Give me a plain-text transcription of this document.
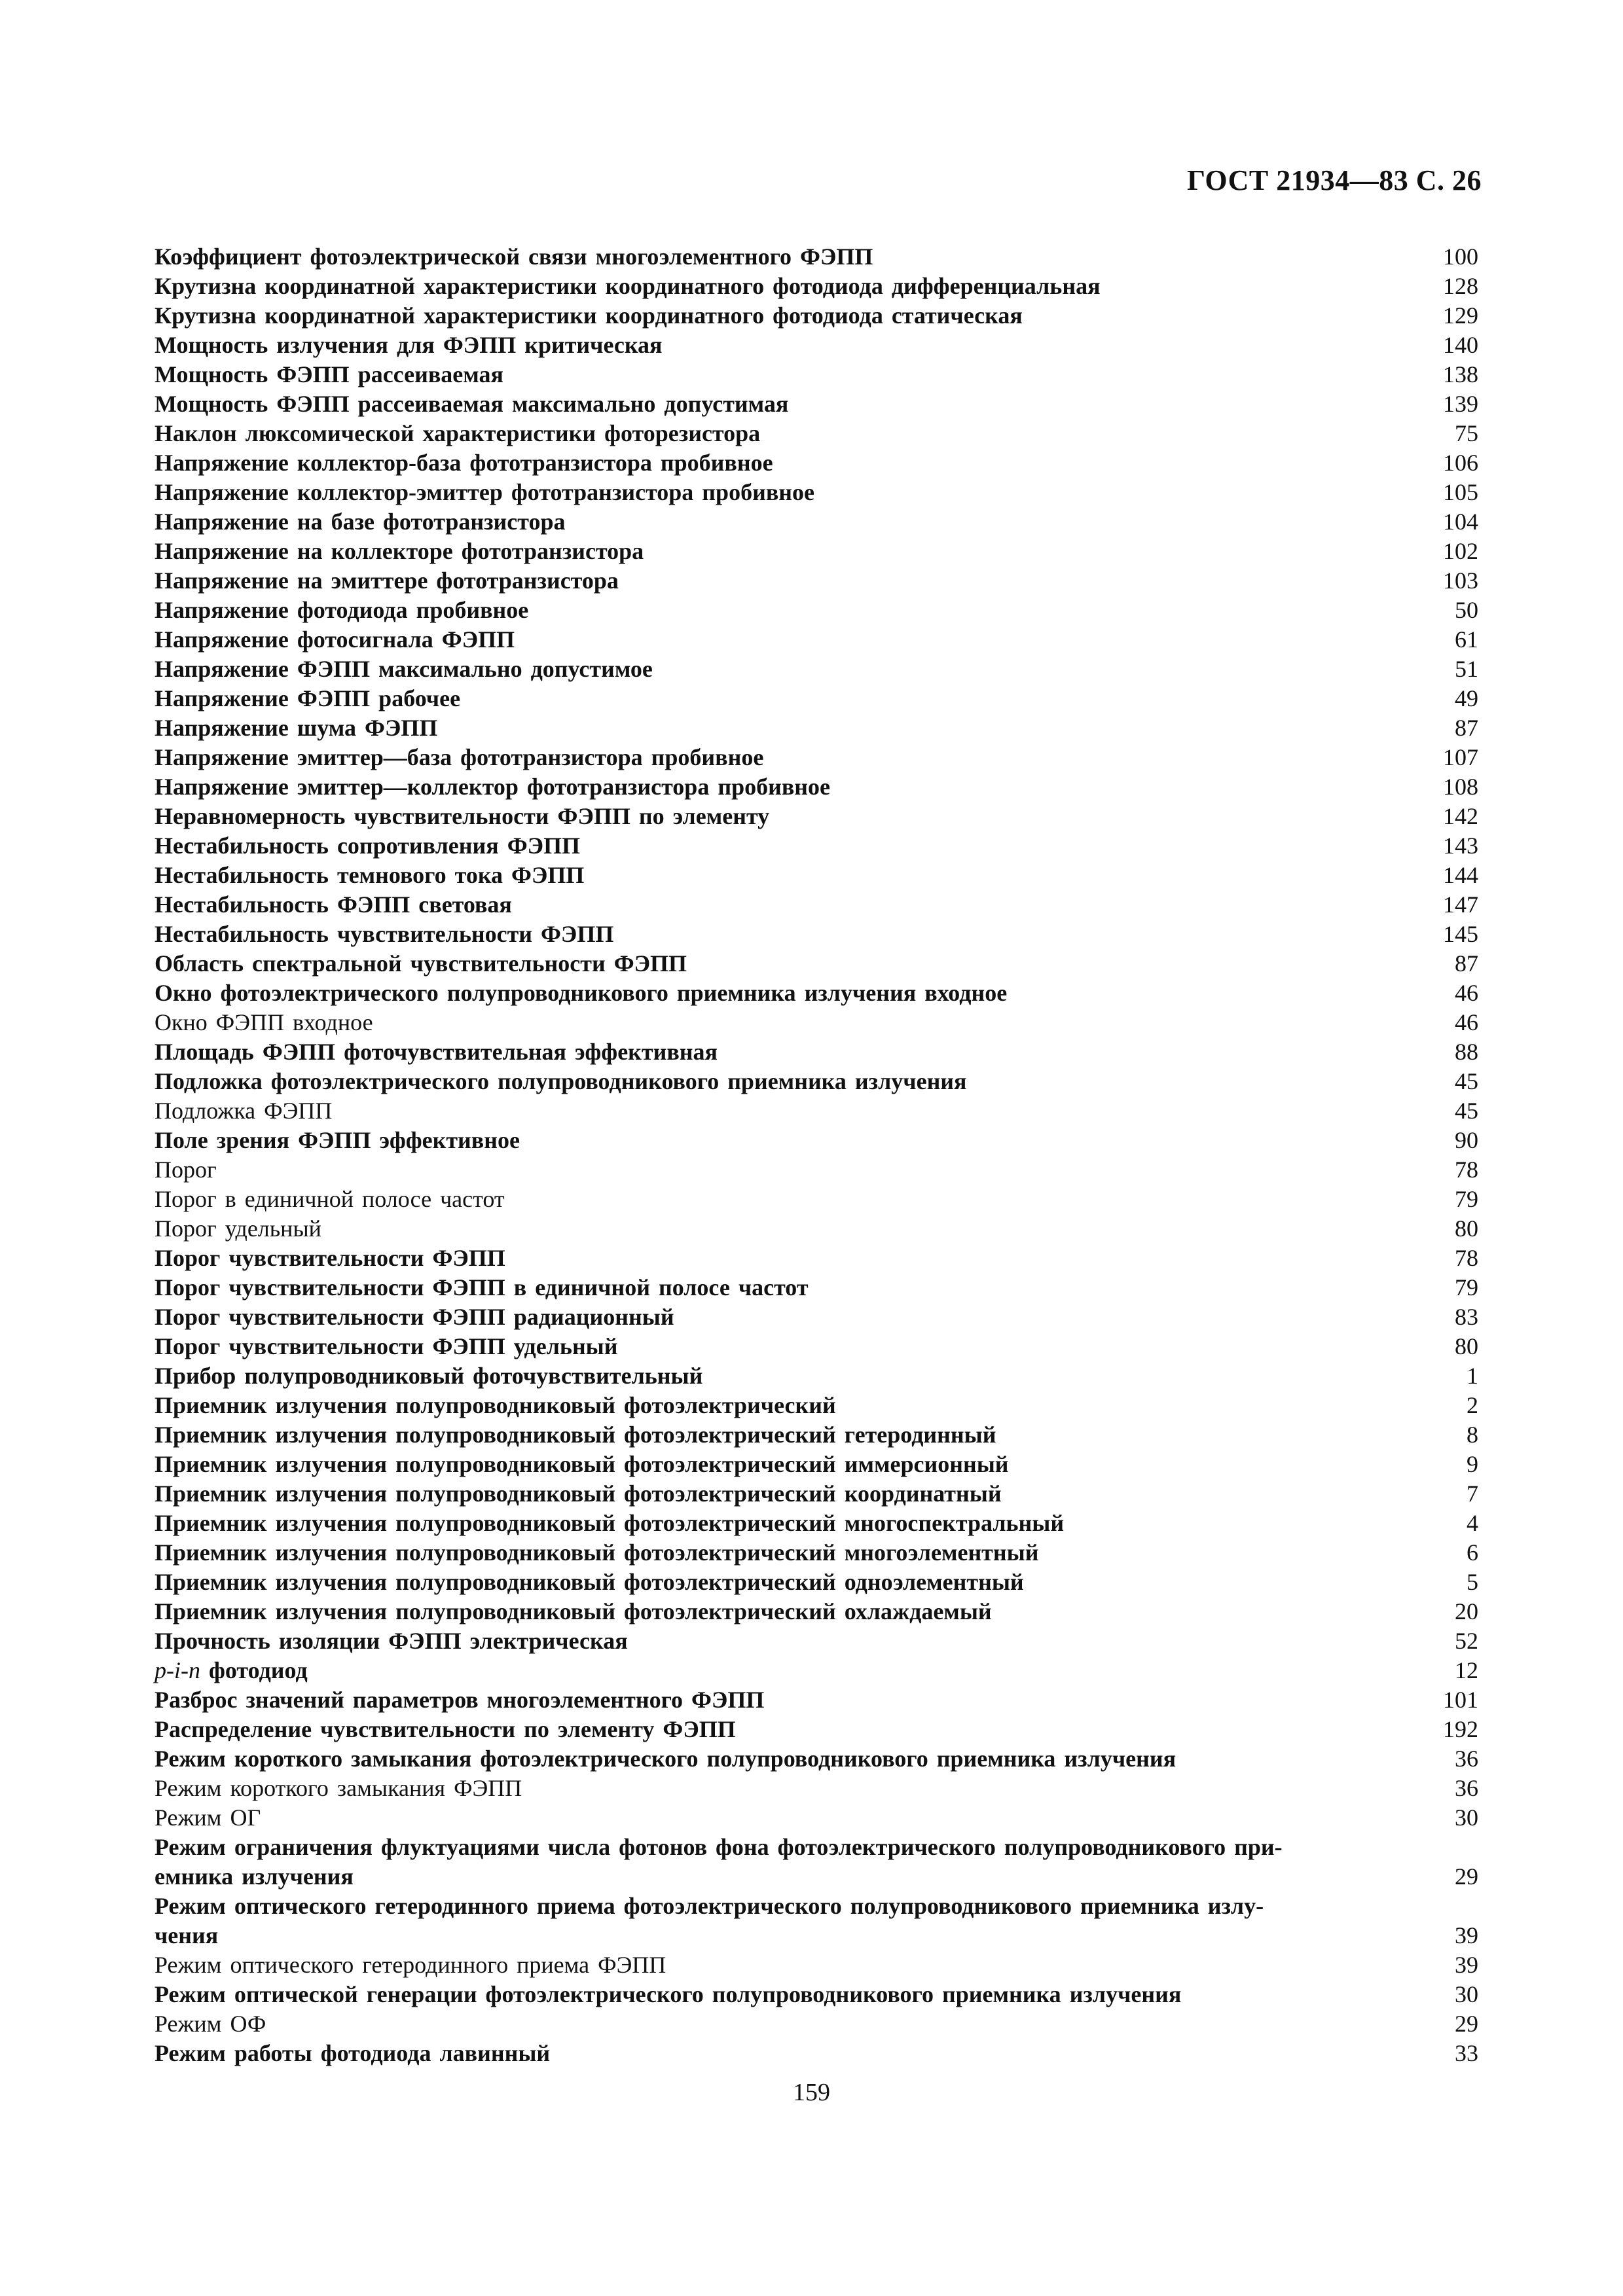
ГОСТ 21934—83 С. 26
Коэффициент фотоэлектрической связи многоэлементного ФЭПП	100
Крутизна координатной характеристики координатного фотодиода дифференциальная	128
Крутизна координатной характеристики координатного фотодиода статическая	129
Мощность излучения для ФЭПП критическая	140
Мощность ФЭПП рассеиваемая	138
Мощность ФЭПП рассеиваемая максимально допустимая	139
Наклон люксомической характеристики фоторезистора	75
Напряжение коллектор-база фототранзистора пробивное	106
Напряжение коллектор-эмиттер фототранзистора пробивное	105
Напряжение на базе фототранзистора	104
Напряжение на коллекторе фототранзистора	102
Напряжение на эмиттере фототранзистора	103
Напряжение фотодиода пробивное	50
Напряжение фотосигнала ФЭПП	61
Напряжение ФЭПП максимально допустимое	51
Напряжение ФЭПП рабочее	49
Напряжение шума ФЭПП	87
Напряжение эмиттер—база фототранзистора пробивное	107
Напряжение эмиттер—коллектор фототранзистора пробивное	108
Неравномерность чувствительности ФЭПП по элементу	142
Нестабильность сопротивления ФЭПП	143
Нестабильность темнового тока ФЭПП	144
Нестабильность ФЭПП световая	147
Нестабильность чувствительности ФЭПП	145
Область спектральной чувствительности ФЭПП	87
Окно фотоэлектрического полупроводникового приемника излучения входное	46
Окно ФЭПП входное	46
Площадь ФЭПП фоточувствительная эффективная	88
Подложка фотоэлектрического полупроводникового приемника излучения	45
Подложка ФЭПП	45
Поле зрения ФЭПП эффективное	90
Порог	78
Порог в единичной полосе частот	79
Порог удельный	80
Порог чувствительности ФЭПП	78
Порог чувствительности ФЭПП в единичной полосе частот	79
Порог чувствительности ФЭПП радиационный	83
Порог чувствительности ФЭПП удельный	80
Прибор полупроводниковый фоточувствительный	1
Приемник излучения полупроводниковый фотоэлектрический	2
Приемник излучения полупроводниковый фотоэлектрический гетеродинный	8
Приемник излучения полупроводниковый фотоэлектрический иммерсионный	9
Приемник излучения полупроводниковый фотоэлектрический координатный	7
Приемник излучения полупроводниковый фотоэлектрический многоспектральный	4
Приемник излучения полупроводниковый фотоэлектрический многоэлементный	6
Приемник излучения полупроводниковый фотоэлектрический одноэлементный	5
Приемник излучения полупроводниковый фотоэлектрический охлаждаемый	20
Прочность изоляции ФЭПП электрическая	52
p-i-n фотодиод	12
Разброс значений параметров многоэлементного ФЭПП	101
Распределение чувствительности по элементу ФЭПП	192
Режим короткого замыкания фотоэлектрического полупроводникового приемника излучения	36
Режим короткого замыкания ФЭПП	36
Режим ОГ	30
Режим ограничения флуктуациями числа фотонов фона фотоэлектрического полупроводникового при-
емника излучения	29
Режим оптического гетеродинного приема фотоэлектрического полупроводникового приемника излу-
чения	39
Режим оптического гетеродинного приема ФЭПП	39
Режим оптической генерации фотоэлектрического полупроводникового приемника излучения	30
Режим ОФ	29
Режим работы фотодиода лавинный	33
159
